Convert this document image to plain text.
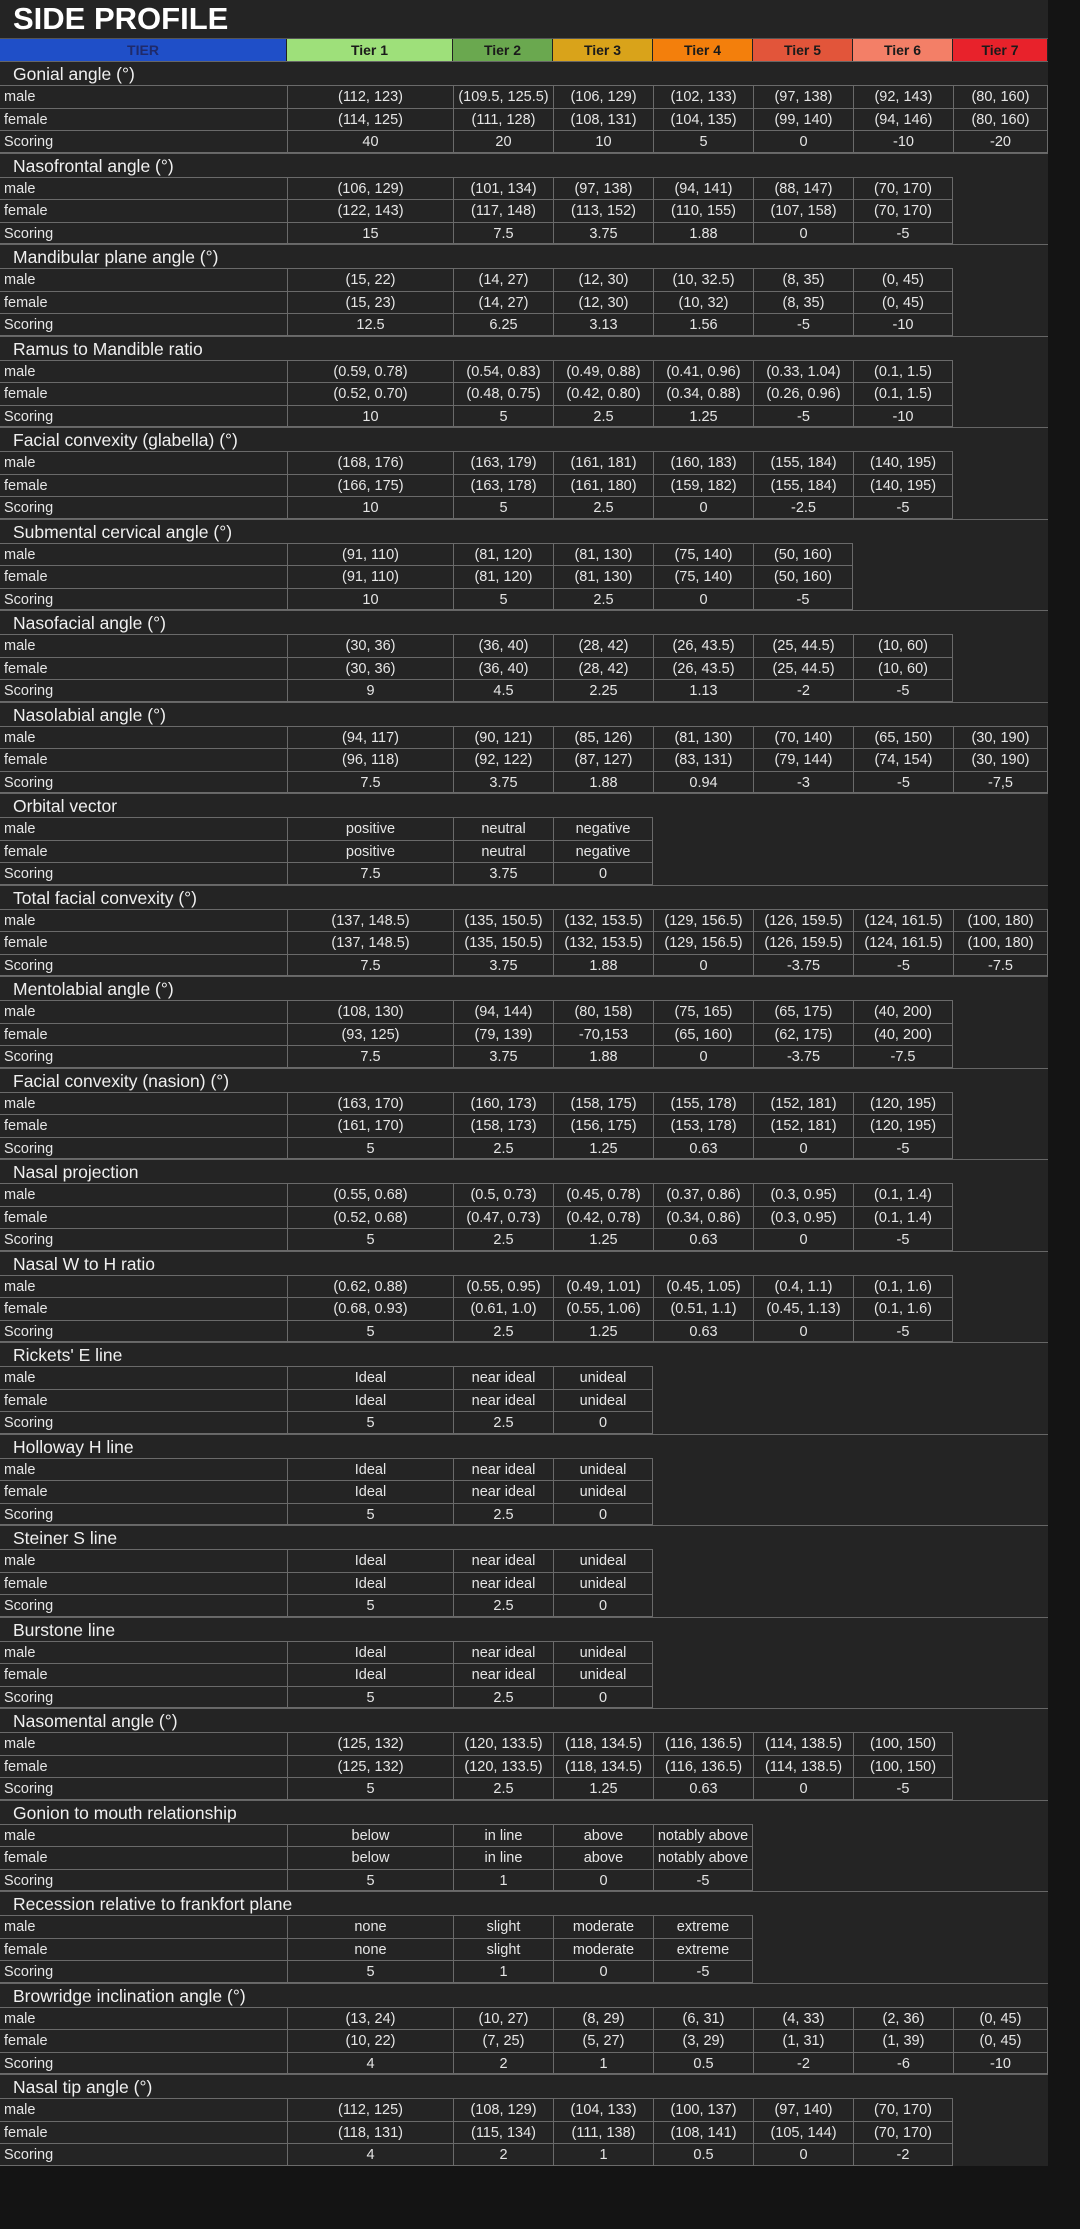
SIDE PROFILE
TIER	Tier 1	Tier 2	Tier 3	Tier 4	Tier 5	Tier 6	Tier 7
Gonial angle (°)
male	(112, 123)	(109.5, 125.5)	(106, 129)	(102, 133)	(97, 138)	(92, 143)	(80, 160)
female	(114, 125)	(111, 128)	(108, 131)	(104, 135)	(99, 140)	(94, 146)	(80, 160)
Scoring	40	20	10	5	0	-10	-20
Nasofrontal angle (°)
male	(106, 129)	(101, 134)	(97, 138)	(94, 141)	(88, 147)	(70, 170)
female	(122, 143)	(117, 148)	(113, 152)	(110, 155)	(107, 158)	(70, 170)
Scoring	15	7.5	3.75	1.88	0	-5
Mandibular plane angle (°)
male	(15, 22)	(14, 27)	(12, 30)	(10, 32.5)	(8, 35)	(0, 45)
female	(15, 23)	(14, 27)	(12, 30)	(10, 32)	(8, 35)	(0, 45)
Scoring	12.5	6.25	3.13	1.56	-5	-10
Ramus to Mandible ratio
male	(0.59, 0.78)	(0.54, 0.83)	(0.49, 0.88)	(0.41, 0.96)	(0.33, 1.04)	(0.1, 1.5)
female	(0.52, 0.70)	(0.48, 0.75)	(0.42, 0.80)	(0.34, 0.88)	(0.26, 0.96)	(0.1, 1.5)
Scoring	10	5	2.5	1.25	-5	-10
Facial convexity (glabella) (°)
male	(168, 176)	(163, 179)	(161, 181)	(160, 183)	(155, 184)	(140, 195)
female	(166, 175)	(163, 178)	(161, 180)	(159, 182)	(155, 184)	(140, 195)
Scoring	10	5	2.5	0	-2.5	-5
Submental cervical angle (°)
male	(91, 110)	(81, 120)	(81, 130)	(75, 140)	(50, 160)
female	(91, 110)	(81, 120)	(81, 130)	(75, 140)	(50, 160)
Scoring	10	5	2.5	0	-5
Nasofacial angle (°)
male	(30, 36)	(36, 40)	(28, 42)	(26, 43.5)	(25, 44.5)	(10, 60)
female	(30, 36)	(36, 40)	(28, 42)	(26, 43.5)	(25, 44.5)	(10, 60)
Scoring	9	4.5	2.25	1.13	-2	-5
Nasolabial angle (°)
male	(94, 117)	(90, 121)	(85, 126)	(81, 130)	(70, 140)	(65, 150)	(30, 190)
female	(96, 118)	(92, 122)	(87, 127)	(83, 131)	(79, 144)	(74, 154)	(30, 190)
Scoring	7.5	3.75	1.88	0.94	-3	-5	-7,5
Orbital vector
male	positive	neutral	negative
female	positive	neutral	negative
Scoring	7.5	3.75	0
Total facial convexity (°)
male	(137, 148.5)	(135, 150.5)	(132, 153.5)	(129, 156.5)	(126, 159.5)	(124, 161.5)	(100, 180)
female	(137, 148.5)	(135, 150.5)	(132, 153.5)	(129, 156.5)	(126, 159.5)	(124, 161.5)	(100, 180)
Scoring	7.5	3.75	1.88	0	-3.75	-5	-7.5
Mentolabial angle (°)
male	(108, 130)	(94, 144)	(80, 158)	(75, 165)	(65, 175)	(40, 200)
female	(93, 125)	(79, 139)	-70,153	(65, 160)	(62, 175)	(40, 200)
Scoring	7.5	3.75	1.88	0	-3.75	-7.5
Facial convexity (nasion) (°)
male	(163, 170)	(160, 173)	(158, 175)	(155, 178)	(152, 181)	(120, 195)
female	(161, 170)	(158, 173)	(156, 175)	(153, 178)	(152, 181)	(120, 195)
Scoring	5	2.5	1.25	0.63	0	-5
Nasal projection
male	(0.55, 0.68)	(0.5, 0.73)	(0.45, 0.78)	(0.37, 0.86)	(0.3, 0.95)	(0.1, 1.4)
female	(0.52, 0.68)	(0.47, 0.73)	(0.42, 0.78)	(0.34, 0.86)	(0.3, 0.95)	(0.1, 1.4)
Scoring	5	2.5	1.25	0.63	0	-5
Nasal W to H ratio
male	(0.62, 0.88)	(0.55, 0.95)	(0.49, 1.01)	(0.45, 1.05)	(0.4, 1.1)	(0.1, 1.6)
female	(0.68, 0.93)	(0.61, 1.0)	(0.55, 1.06)	(0.51, 1.1)	(0.45, 1.13)	(0.1, 1.6)
Scoring	5	2.5	1.25	0.63	0	-5
Rickets' E line
male	Ideal	near ideal	unideal
female	Ideal	near ideal	unideal
Scoring	5	2.5	0
Holloway H line
male	Ideal	near ideal	unideal
female	Ideal	near ideal	unideal
Scoring	5	2.5	0
Steiner S line
male	Ideal	near ideal	unideal
female	Ideal	near ideal	unideal
Scoring	5	2.5	0
Burstone line
male	Ideal	near ideal	unideal
female	Ideal	near ideal	unideal
Scoring	5	2.5	0
Nasomental angle (°)
male	(125, 132)	(120, 133.5)	(118, 134.5)	(116, 136.5)	(114, 138.5)	(100, 150)
female	(125, 132)	(120, 133.5)	(118, 134.5)	(116, 136.5)	(114, 138.5)	(100, 150)
Scoring	5	2.5	1.25	0.63	0	-5
Gonion to mouth relationship
male	below	in line	above	notably above
female	below	in line	above	notably above
Scoring	5	1	0	-5
Recession relative to frankfort plane
male	none	slight	moderate	extreme
female	none	slight	moderate	extreme
Scoring	5	1	0	-5
Browridge inclination angle (°)
male	(13, 24)	(10, 27)	(8, 29)	(6, 31)	(4, 33)	(2, 36)	(0, 45)
female	(10, 22)	(7, 25)	(5, 27)	(3, 29)	(1, 31)	(1, 39)	(0, 45)
Scoring	4	2	1	0.5	-2	-6	-10
Nasal tip angle (°)
male	(112, 125)	(108, 129)	(104, 133)	(100, 137)	(97, 140)	(70, 170)
female	(118, 131)	(115, 134)	(111, 138)	(108, 141)	(105, 144)	(70, 170)
Scoring	4	2	1	0.5	0	-2
